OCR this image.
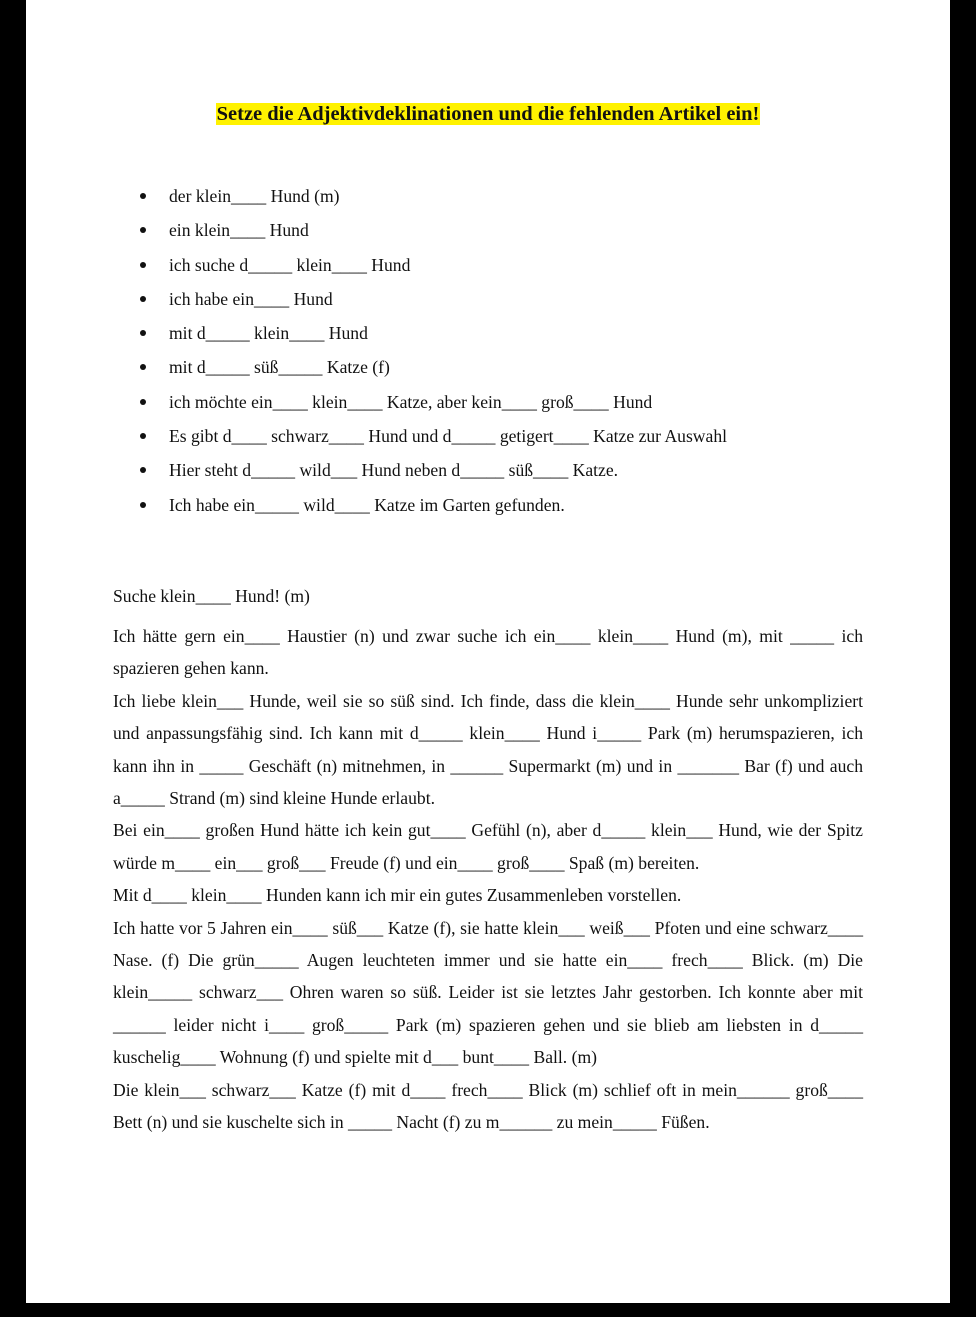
Setze die Adjektivdeklinationen und die fehlenden Artikel ein!
der klein____ Hund (m)
ein klein____ Hund
ich suche d_____ klein____ Hund
ich habe ein____ Hund
mit d_____ klein____ Hund
mit d_____ süß_____ Katze (f)
ich möchte ein____ klein____ Katze, aber kein____ groß____ Hund
Es gibt d____ schwarz____ Hund und d_____ getigert____ Katze zur Auswahl
Hier steht d_____ wild___ Hund neben d_____ süß____ Katze.
Ich habe ein_____ wild____ Katze im Garten gefunden.
Suche klein____ Hund! (m)

Ich hätte gern ein____ Haustier (n) und zwar suche ich ein____ klein____ Hund (m), mit _____ ich spazieren gehen kann.

Ich liebe klein___ Hunde, weil sie so süß sind. Ich finde, dass die klein____ Hunde sehr unkompliziert und anpassungsfähig sind. Ich kann mit d_____ klein____ Hund i_____ Park (m) herumspazieren, ich kann ihn in _____ Geschäft (n) mitnehmen, in ______ Supermarkt (m) und in _______ Bar (f) und auch a_____ Strand (m) sind kleine Hunde erlaubt.

Bei ein____ großen Hund hätte ich kein gut____ Gefühl (n), aber d_____ klein___ Hund, wie der Spitz würde m____ ein___ groß___ Freude (f) und ein____ groß____ Spaß (m) bereiten.

Mit d____ klein____ Hunden kann ich mir ein gutes Zusammenleben vorstellen.

Ich hatte vor 5 Jahren ein____ süß___ Katze (f), sie hatte klein___ weiß___ Pfoten und eine schwarz____ Nase. (f) Die grün_____ Augen leuchteten immer und sie hatte ein____ frech____ Blick. (m) Die klein_____ schwarz___ Ohren waren so süß. Leider ist sie letztes Jahr gestorben. Ich konnte aber mit ______ leider nicht i____ groß_____ Park (m) spazieren gehen und sie blieb am liebsten in d_____ kuschelig____ Wohnung (f) und spielte mit d___ bunt____ Ball. (m)

Die klein___ schwarz___ Katze (f) mit d____ frech____ Blick (m) schlief oft in mein______ groß____ Bett (n) und sie kuschelte sich in _____ Nacht (f) zu m______ zu mein_____ Füßen.
